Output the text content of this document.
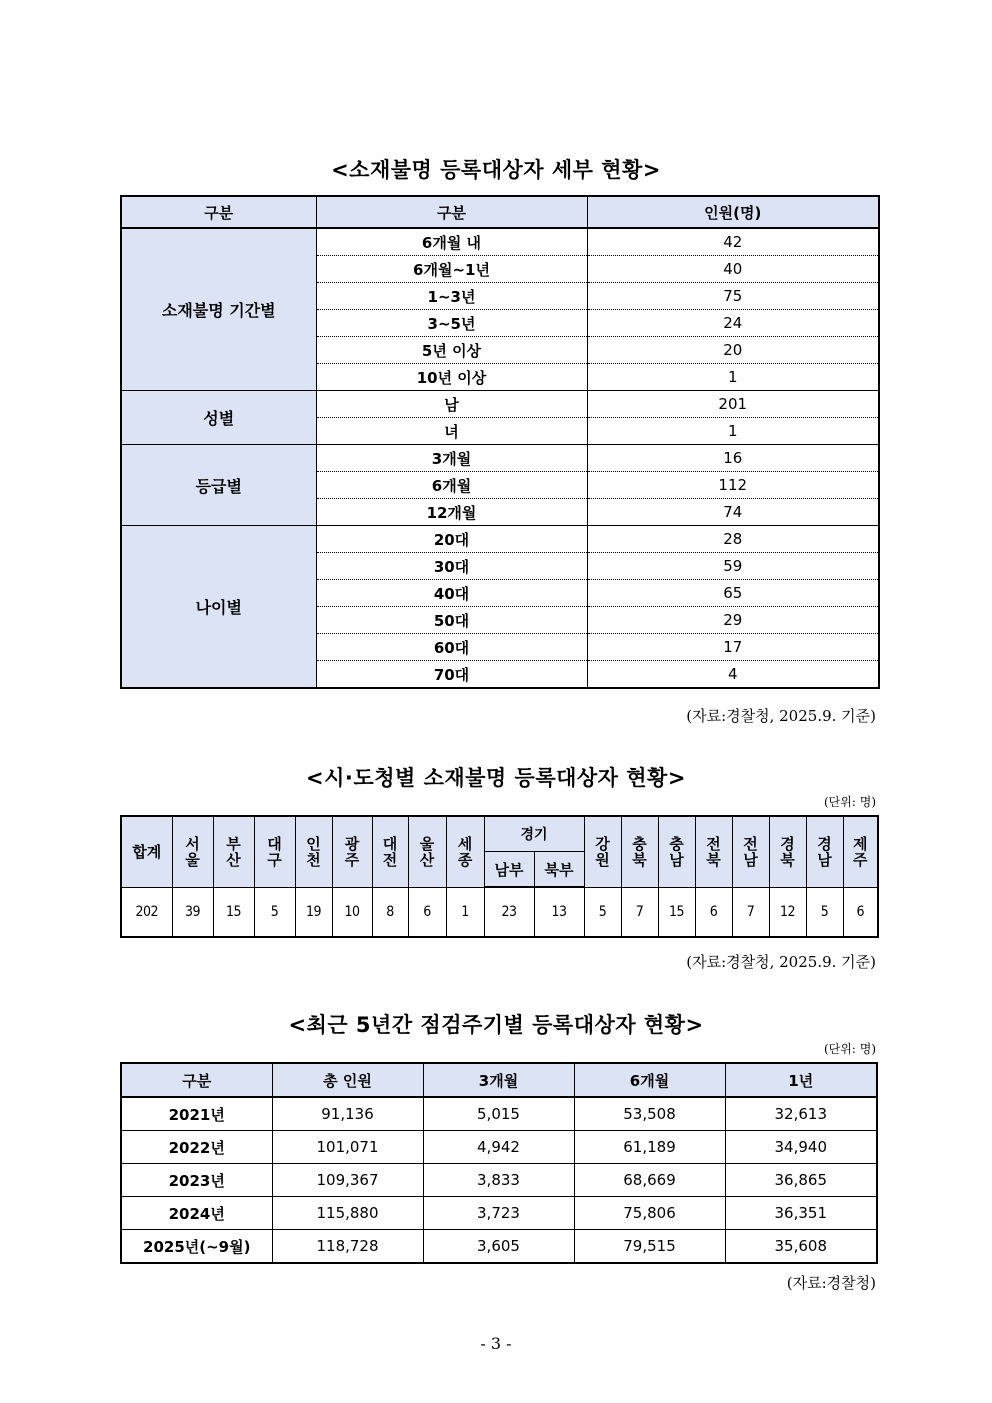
<소재불명 등록대상자 세부 현황>
구분	구분	인원(명)
소재불명 기간별	6개월 내	42
	6개월~1년	40
	1~3년	75
	3~5년	24
	5년 이상	20
	10년 이상	1
성별	남	201
	녀	1
등급별	3개월	16
	6개월	112
	12개월	74
나이별	20대	28
	30대	59
	40대	65
	50대	29
	60대	17
	70대	4
(자료:경찰청, 2025.9. 기준)
<시·도청별 소재불명 등록대상자 현황>
(단위: 명)
합계	서울	부산	대구	인천	광주	대전	울산	세종	경기		강원	충북	충남	전북	전남	경북	경남	제주
									남부	북부								
202	39	15	5	19	10	8	6	1	23	13	5	7	15	6	7	12	5	6
(자료:경찰청, 2025.9. 기준)
<최근 5년간 점검주기별 등록대상자 현황>
(단위: 명)
구분	총 인원	3개월	6개월	1년
2021년	91,136	5,015	53,508	32,613
2022년	101,071	4,942	61,189	34,940
2023년	109,367	3,833	68,669	36,865
2024년	115,880	3,723	75,806	36,351
2025년(~9월)	118,728	3,605	79,515	35,608
(자료:경찰청)
- 3 -
